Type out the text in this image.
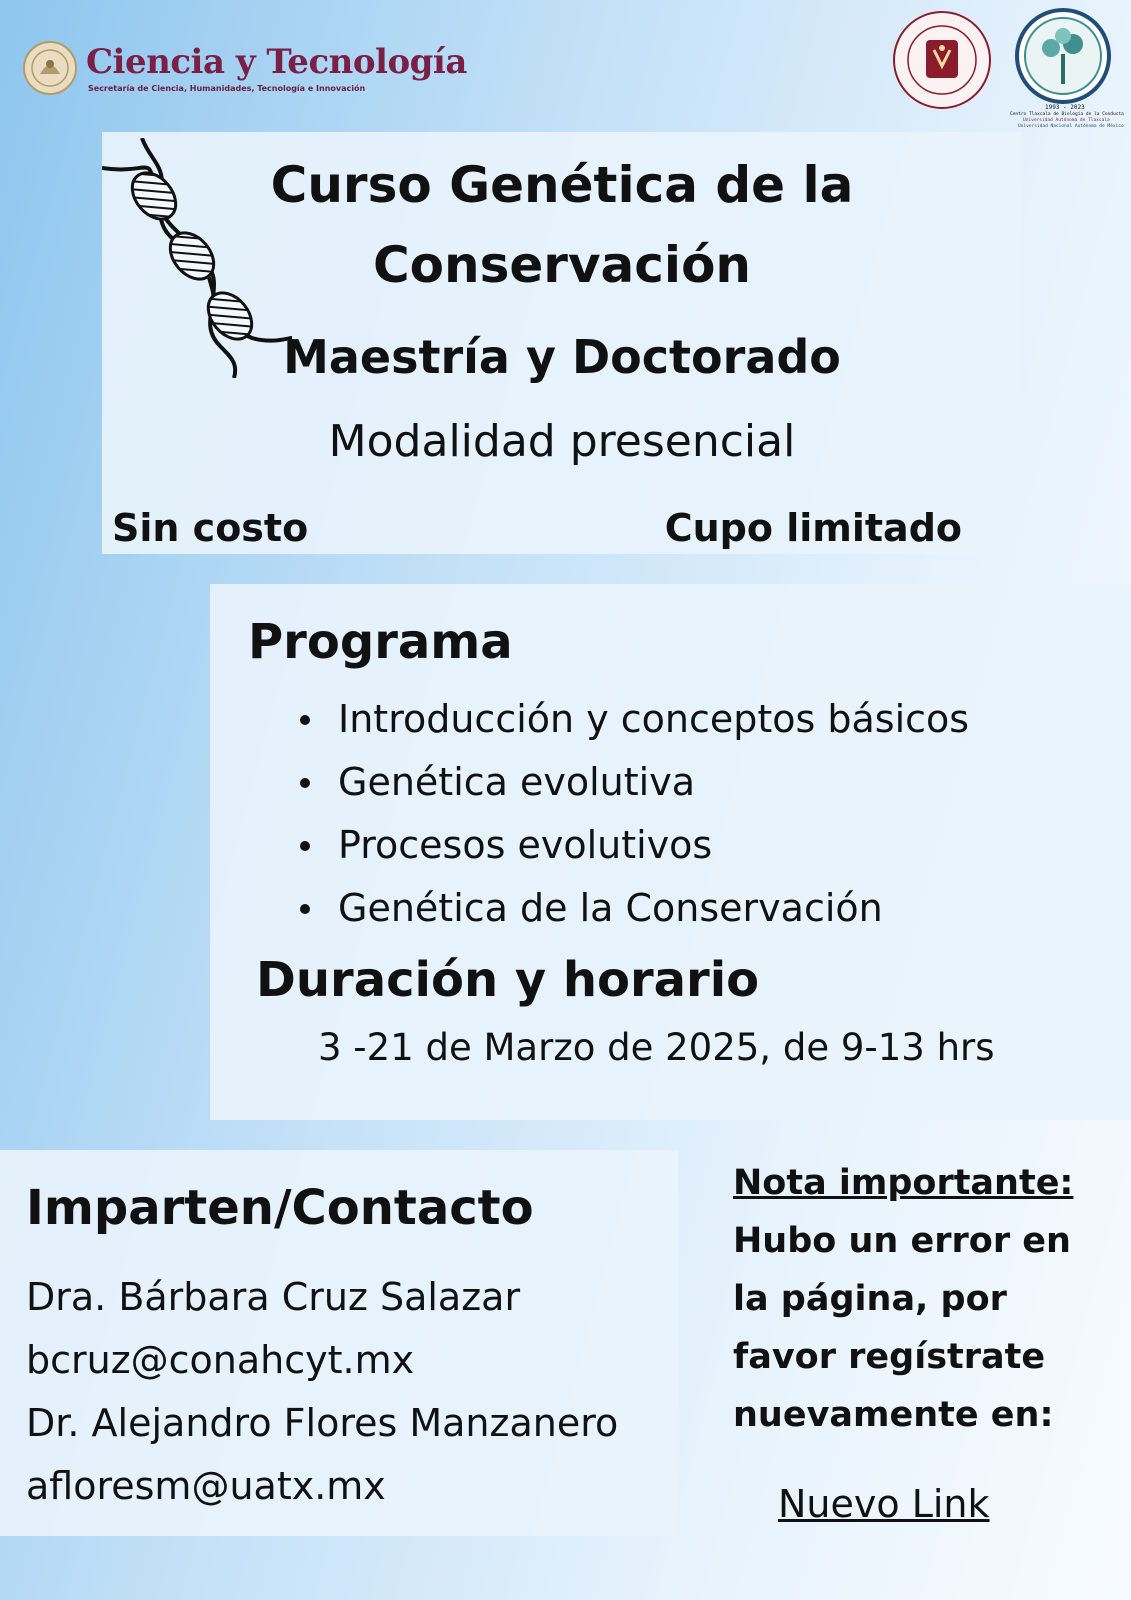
Ciencia y Tecnología
Secretaría de Ciencia, Humanidades, Tecnología e Innovación
1993 - 2023
Centro Tlaxcala de Biología de la Conducta
Universidad Autónoma de Tlaxcala
Universidad Nacional Autónoma de México
Curso Genética de la
Conservación
Maestría y Doctorado
Modalidad presencial
Sin costo	Cupo limitado
Programa
Introducción y conceptos básicos
Genética evolutiva
Procesos evolutivos
Genética de la Conservación
Duración y horario
3 -21 de Marzo de 2025, de 9-13 hrs
Imparten/Contacto
Dra. Bárbara Cruz Salazar
bcruz@conahcyt.mx
Dr. Alejandro Flores Manzanero
afloresm@uatx.mx
Nota importante:
Hubo un error en
la página, por
favor regístrate
nuevamente en:
Nuevo Link
